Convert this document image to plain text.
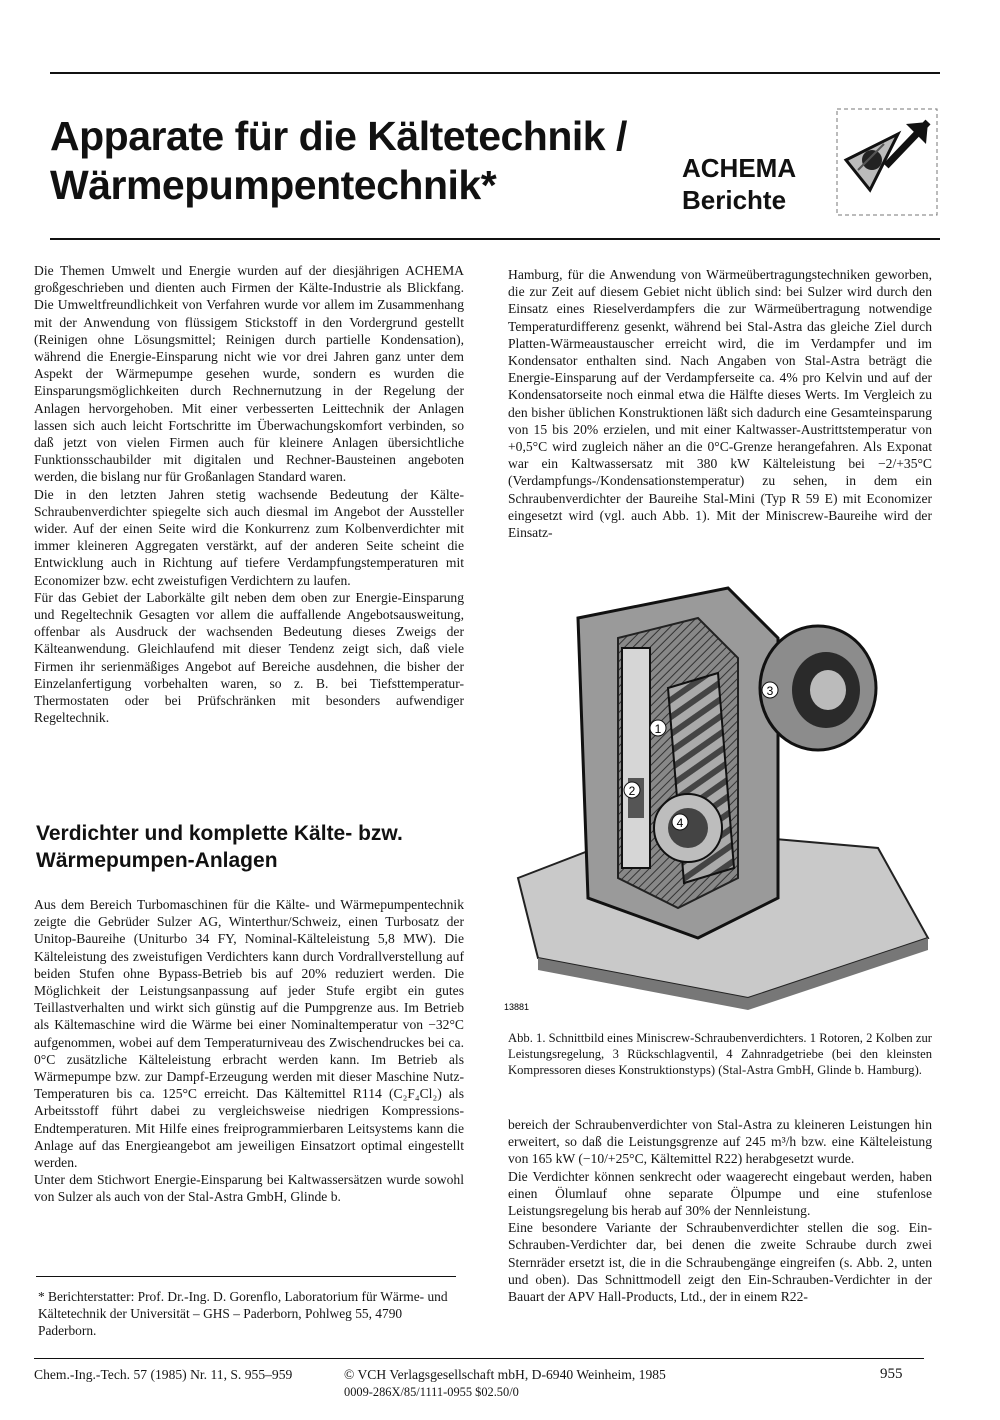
Apparate für die Kältetechnik /
Wärmepumpentechnik*	ACHEMA
Berichte

Die Themen Umwelt und Energie wurden auf der diesjährigen ACHEMA großgeschrieben und dienten auch Firmen der Kälte-Industrie als Blickfang. Die Umweltfreundlichkeit von Verfahren wurde vor allem im Zusammenhang mit der Anwendung von flüssigem Stickstoff in den Vordergrund gestellt (Reinigen ohne Lösungsmittel; Reinigen durch partielle Kondensation), während die Energie-Einsparung nicht wie vor drei Jahren ganz unter dem Aspekt der Wärmepumpe gesehen wurde, sondern es wurden die Einsparungsmöglichkeiten durch Rechnernutzung in der Regelung der Anlagen hervorgehoben. Mit einer verbesserten Leittechnik der Anlagen lassen sich auch leicht Fortschritte im Überwachungskomfort verbinden, so daß jetzt von vielen Firmen auch für kleinere Anlagen übersichtliche Funktionsschaubilder mit digitalen und Rechner-Bausteinen angeboten werden, die bislang nur für Großanlagen Standard waren.

Die in den letzten Jahren stetig wachsende Bedeutung der Kälte-Schraubenverdichter spiegelte sich auch diesmal im Angebot der Aussteller wider. Auf der einen Seite wird die Konkurrenz zum Kolbenverdichter mit immer kleineren Aggregaten verstärkt, auf der anderen Seite scheint die Entwicklung auch in Richtung auf tiefere Verdampfungstemperaturen mit Economizer bzw. echt zweistufigen Verdichtern zu laufen.

Für das Gebiet der Laborkälte gilt neben dem oben zur Energie-Einsparung und Regeltechnik Gesagten vor allem die auffallende Angebotsausweitung, offenbar als Ausdruck der wachsenden Bedeutung dieses Zweigs der Kälteanwendung. Gleichlaufend mit dieser Tendenz zeigt sich, daß viele Firmen ihr serienmäßiges Angebot auf Bereiche ausdehnen, die bisher der Einzelanfertigung vorbehalten waren, so z. B. bei Tiefsttemperatur-Thermostaten oder bei Prüfschränken mit besonders aufwendiger Regeltechnik.

Verdichter und komplette Kälte- bzw. Wärmepumpen-Anlagen

Aus dem Bereich Turbomaschinen für die Kälte- und Wärmepumpentechnik zeigte die Gebrüder Sulzer AG, Winterthur/Schweiz, einen Turbosatz der Unitop-Baureihe (Uniturbo 34 FY, Nominal-Kälteleistung 5,8 MW). Die Kälteleistung des zweistufigen Verdichters kann durch Vordrallverstellung auf beiden Stufen ohne Bypass-Betrieb bis auf 20% reduziert werden. Die Möglichkeit der Leistungsanpassung auf jeder Stufe ergibt ein gutes Teillastverhalten und wirkt sich günstig auf die Pumpgrenze aus. Im Betrieb als Kältemaschine wird die Wärme bei einer Nominaltemperatur von −32°C aufgenommen, wobei auf dem Temperaturniveau des Zwischendruckes bei ca. 0°C zusätzliche Kälteleistung erbracht werden kann. Im Betrieb als Wärmepumpe bzw. zur Dampf-Erzeugung werden mit dieser Maschine Nutz-Temperaturen bis ca. 125°C erreicht. Das Kältemittel R114 (C₂F₄Cl₂) als Arbeitsstoff führt dabei zu vergleichsweise niedrigen Kompressions-Endtemperaturen. Mit Hilfe eines freiprogrammierbaren Leitsystems kann die Anlage auf das Energieangebot am jeweiligen Einsatzort optimal eingestellt werden.

Unter dem Stichwort Energie-Einsparung bei Kaltwassersätzen wurde sowohl von Sulzer als auch von der Stal-Astra GmbH, Glinde b.

* Berichterstatter: Prof. Dr.-Ing. D. Gorenflo, Laboratorium für Wärme- und Kältetechnik der Universität – GHS – Paderborn, Pohlweg 55, 4790 Paderborn.

Hamburg, für die Anwendung von Wärmeübertragungstechniken geworben, die zur Zeit auf diesem Gebiet nicht üblich sind: bei Sulzer wird durch den Einsatz eines Rieselverdampfers die zur Wärmeübertragung notwendige Temperaturdifferenz gesenkt, während bei Stal-Astra das gleiche Ziel durch Platten-Wärmeaustauscher erreicht wird, die im Verdampfer und im Kondensator enthalten sind. Nach Angaben von Stal-Astra beträgt die Energie-Einsparung auf der Verdampferseite ca. 4% pro Kelvin und auf der Kondensatorseite noch einmal etwa die Hälfte dieses Werts. Im Vergleich zu den bisher üblichen Konstruktionen läßt sich dadurch eine Gesamteinsparung von 15 bis 20% erzielen, und mit einer Kaltwasser-Austrittstemperatur von +0,5°C wird zugleich näher an die 0°C-Grenze herangefahren. Als Exponat war ein Kaltwassersatz mit 380 kW Kälteleistung bei −2/+35°C (Verdampfungs-/Kondensationstemperatur) zu sehen, in dem ein Schraubenverdichter der Baureihe Stal-Mini (Typ R 59 E) mit Economizer eingesetzt wird (vgl. auch Abb. 1). Mit der Miniscrew-Baureihe wird der Einsatz-

1
2
3
4
13881
Abb. 1. Schnittbild eines Miniscrew-Schraubenverdichters. 1 Rotoren, 2 Kolben zur Leistungsregelung, 3 Rückschlagventil, 4 Zahnradgetriebe (bei den kleinsten Kompressoren dieses Konstruktionstyps) (Stal-Astra GmbH, Glinde b. Hamburg).

bereich der Schraubenverdichter von Stal-Astra zu kleineren Leistungen hin erweitert, so daß die Leistungsgrenze auf 245 m³/h bzw. eine Kälteleistung von 165 kW (−10/+25°C, Kältemittel R22) herabgesetzt wurde.

Die Verdichter können senkrecht oder waagerecht eingebaut werden, haben einen Ölumlauf ohne separate Ölpumpe und eine stufenlose Leistungsregelung bis herab auf 30% der Nennleistung.

Eine besondere Variante der Schraubenverdichter stellen die sog. Ein-Schrauben-Verdichter dar, bei denen die zweite Schraube durch zwei Sternräder ersetzt ist, die in die Schraubengänge eingreifen (s. Abb. 2, unten und oben). Das Schnittmodell zeigt den Ein-Schrauben-Verdichter in der Bauart der APV Hall-Products, Ltd., der in einem R22-

Chem.-Ing.-Tech. 57 (1985) Nr. 11, S. 955–959	© VCH Verlagsgesellschaft mbH, D-6940 Weinheim, 1985
0009-286X/85/1111-0955 $02.50/0
955
